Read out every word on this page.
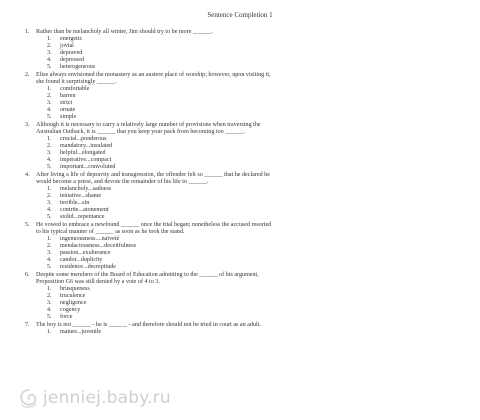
Sentence Completion 1
1.	Rather than be melancholy all winter, Jim should try to be more ______.
1.	energetic
2.	jovial
3.	depraved
4.	depressed
5.	heterogeneous
2.	Elise always envisioned the monastery as an austere place of worship; however, upon visiting it, she found it surprisingly ______.
1.	comfortable
2.	barren
3.	strict
4.	ornate
5.	simple
3.	Although it is necessary to carry a relatively large number of provisions when traversing the Australian Outback, it is ______ that you keep your pack from becoming too ______.
1.	crucial...ponderous
2.	mandatory...insulated
3.	helpful...elongated
4.	imperative...compact
5.	important...convoluted
4.	After living a life of depravity and transgression, the offender felt so ______ that he declared he would become a priest, and devote the remainder of his life to ______.
1.	melancholy...sadness
2.	tentative...shame
3.	terrible...sin
4.	contrite...atonement
5.	stolid...repentance
5.	He vowed to embrace a newfound ______ once the trial began; nonetheless the accused resorted to his typical manner of ______ as soon as he took the stand.
1.	ingenuousness....naïveté
2.	mendaciousness...deceitfulness
3.	passion...exuberance
4.	candor...duplicity
5.	residence...decrepitude
6.	Despite some members of the Board of Education admitting to the ______ of his argument, Proposition G6 was still denied by a vote of 4 to 3.
1.	brusqueness
2.	truculence
3.	negligence
4.	cogency
5.	force
7.	The boy is not ______ - he is ______ - and therefore should not be tried in court as an adult.
1.	mature...juvenile
jenniej.baby.ru
